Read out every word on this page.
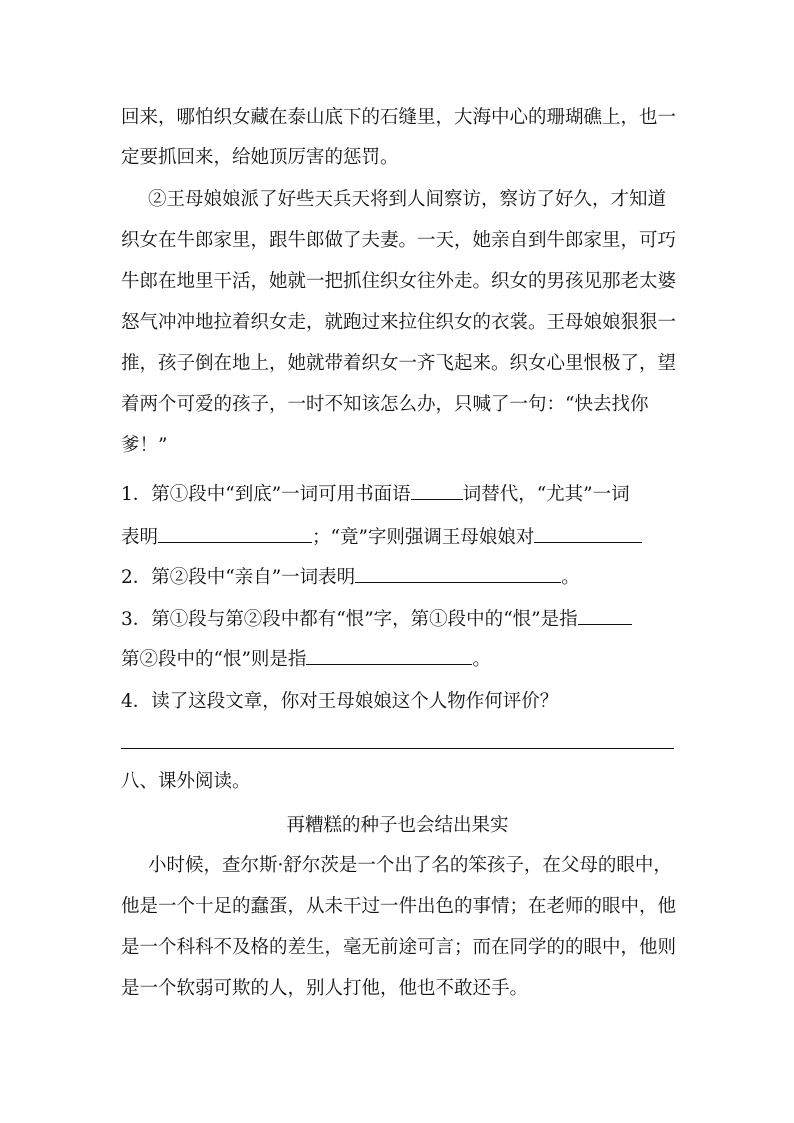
回来，哪怕织女藏在泰山底下的石缝里，大海中心的珊瑚礁上，也一
定要抓回来，给她顶厉害的惩罚。
②王母娘娘派了好些天兵天将到人间察访，察访了好久，才知道
织女在牛郎家里，跟牛郎做了夫妻。一天，她亲自到牛郎家里，可巧
牛郎在地里干活，她就一把抓住织女往外走。织女的男孩见那老太婆
怒气冲冲地拉着织女走，就跑过来拉住织女的衣裳。王母娘娘狠狠一
推，孩子倒在地上，她就带着织女一齐飞起来。织女心里恨极了，望
着两个可爱的孩子，一时不知该怎么办，只喊了一句：“快去找你
爹！”
1．第①段中“到底”一词可用书面语	词替代，“尤其”一词
表明	；“竟”字则强调王母娘娘对
2．第②段中“亲自”一词表明	。
3．第①段与第②段中都有“恨”字，第①段中的“恨”是指
第②段中的“恨”则是指	。
4．读了这段文章，你对王母娘娘这个人物作何评价？
八、课外阅读。
再糟糕的种子也会结出果实
小时候，查尔斯·舒尔茨是一个出了名的笨孩子，在父母的眼中，
他是一个十足的蠢蛋，从未干过一件出色的事情；在老师的眼中，他
是一个科科不及格的差生，毫无前途可言；而在同学的的眼中，他则
是一个软弱可欺的人，别人打他，他也不敢还手。
